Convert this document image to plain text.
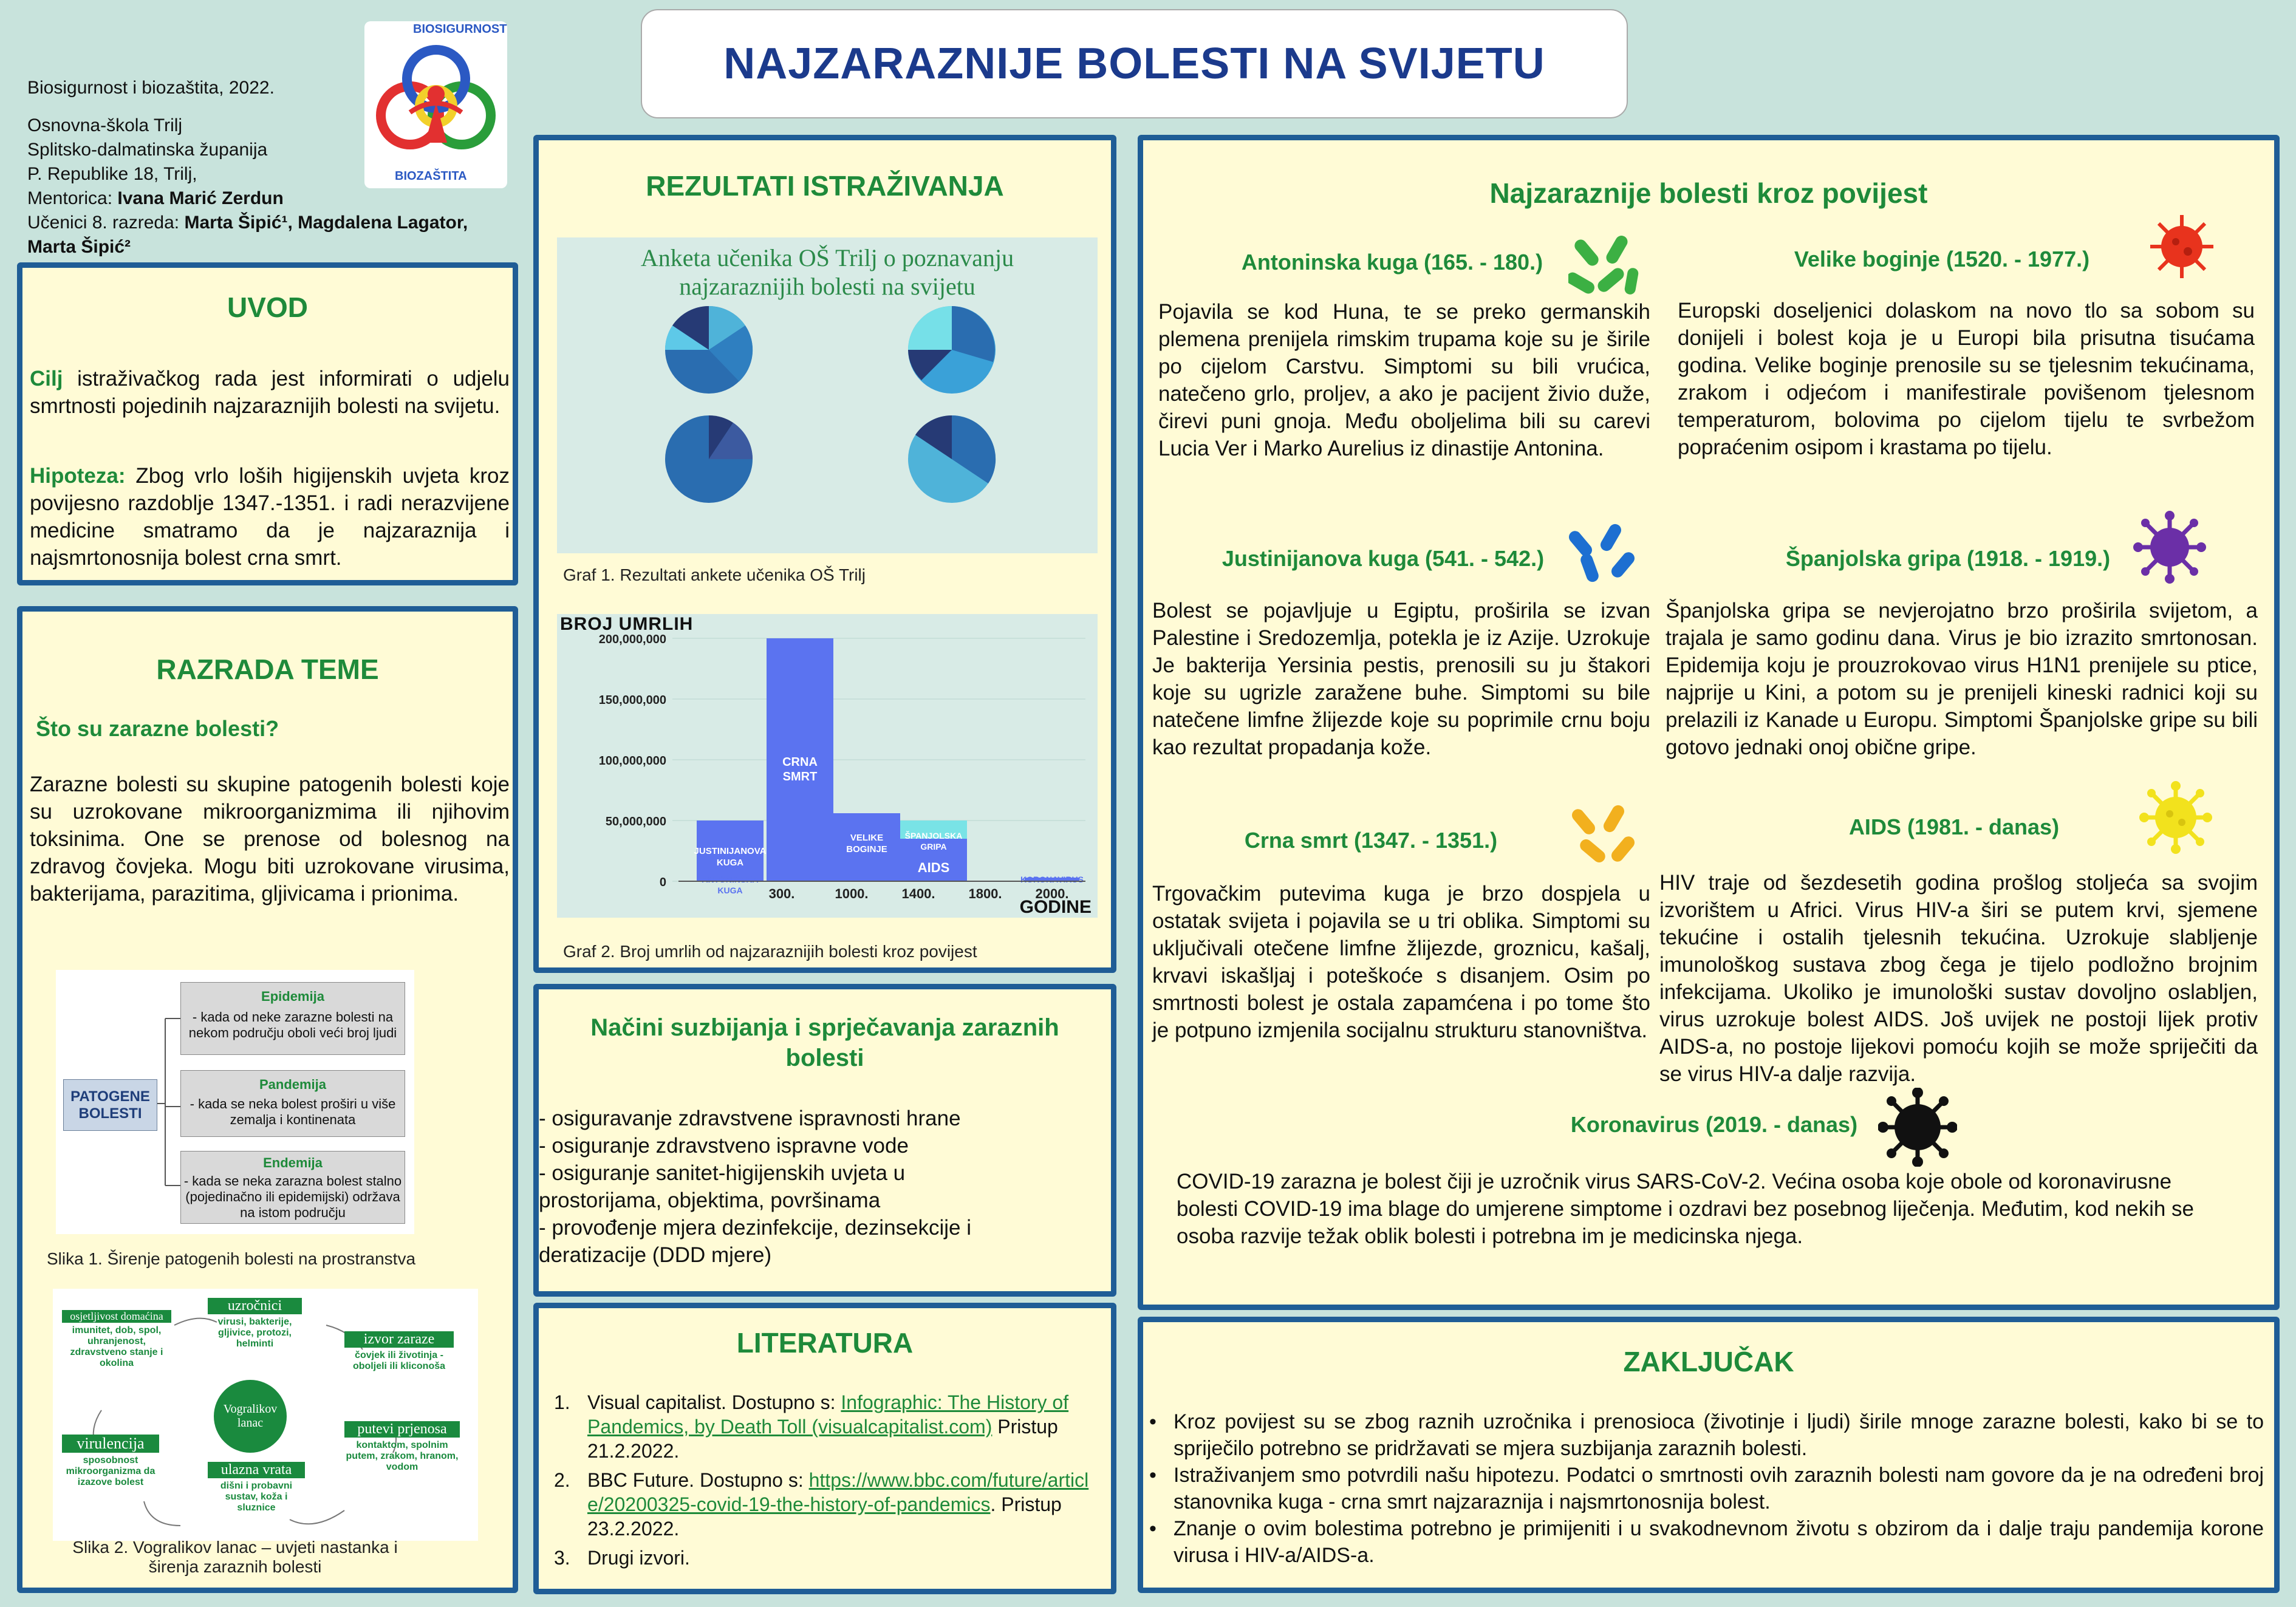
Biosigurnost i biozaštita, 2022.
Osnovna-škola Trilj
Splitsko-dalmatinska županija
P. Republike 18, Trilj,
Mentorica: Ivana Marić Zerdun
Učenici 8. razreda: Marta Šipić¹, Magdalena Lagator, Marta Šipić²
BIOSIGURNOST
BIOZAŠTITA
NAJZARAZNIJE BOLESTI NA SVIJETU
UVOD
Cilj istraživačkog rada jest informirati o udjelu smrtnosti pojedinih najzaraznijih bolesti na svijetu.
Hipoteza: Zbog vrlo loših higijenskih uvjeta kroz povijesno razdoblje 1347.-1351. i radi nerazvijene medicine smatramo da je najzaraznija i najsmrtonosnija bolest crna smrt.
RAZRADA TEME
Što su zarazne bolesti?
Zarazne bolesti su skupine patogenih bolesti koje su uzrokovane mikroorganizmima ili njihovim toksinima. One se prenose od bolesnog na zdravog čovjeka. Mogu biti uzrokovane virusima, bakterijama, parazitima, gljivicama i prionima.
PATOGENE BOLESTI
Epidemija
- kada od neke zarazne bolesti na nekom području oboli veći broj ljudi
Pandemija
- kada se neka bolest proširi u više zemalja i kontinenata
Endemija
- kada se neka zarazna bolest stalno (pojedinačno ili epidemijski) održava na istom području
Slika 1. Širenje patogenih bolesti na prostranstva
Vogralikov lanac
uzročnici
virusi, bakterije, gljivice, protozi, helminti	izvor zaraze
čovjek ili životinja - oboljeli ili kliconoša
putevi prjenosa
kontaktom, spolnim putem, zrakom, hranom, vodom
ulazna vrata
dišni i probavni sustav, koža i sluznice
virulencija
sposobnost mikroorganizma da izazove bolest
osjetljivost domaćina
imunitet, dob, spol, uhranjenost, zdravstveno stanje i okolina
Slika 2. Vogralikov lanac – uvjeti nastanka i
širenja zaraznih bolesti
REZULTATI ISTRAŽIVANJA
Anketa učenika OŠ Trilj o poznavanju
najzaraznijih bolesti na svijetu
Graf 1. Rezultati ankete učenika OŠ Trilj
BROJ UMRLIH
GODINE
0
50,000,000
100,000,000
150,000,000
200,000,000
ANTONINSKA
KUGA
JUSTINIJANOVA
KUGA
CRNA
SMRT
VELIKE
BOGINJE
ŠPANJOLSKA
GRIPA
AIDS
KORONAVIRUS
300.	1000. 1400. 1800. 2000.
Graf 2. Broj umrlih od najzaraznijih bolesti kroz povijest
Načini suzbijanja i sprječavanja zaraznih bolesti
- osiguravanje zdravstvene ispravnosti hrane
- osiguranje zdravstveno ispravne vode
- osiguranje sanitet-higijenskih uvjeta u prostorijama, objektima, površinama
- provođenje mjera dezinfekcije, dezinsekcije i deratizacije (DDD mjere)
LITERATURA
1. Visual capitalist. Dostupno s: Infographic: The History of Pandemics, by Death Toll (visualcapitalist.com) Pristup 21.2.2022.
2. BBC Future. Dostupno s: https://www.bbc.com/future/article/20200325-covid-19-the-history-of-pandemics. Pristup 23.2.2022.
3. Drugi izvori.
Najzaraznije bolesti kroz povijest
Antoninska kuga (165. - 180.)
Pojavila se kod Huna, te se preko germanskih plemena prenijela rimskim trupama koje su je širile po cijelom Carstvu. Simptomi su bili vrućica, natečeno grlo, proljev, a ako je pacijent živio duže, čirevi puni gnoja. Među oboljelima bili su carevi Lucia Ver i Marko Aurelius iz dinastije Antonina.
Velike boginje (1520. - 1977.)
Europski doseljenici dolaskom na novo tlo sa sobom su donijeli i bolest koja je u Europi bila prisutna tisućama godina. Velike boginje prenosile su se tjelesnim tekućinama, zrakom i odjećom i manifestirale povišenom tjelesnom temperaturom, bolovima po cijelom tijelu te svrbežom popraćenim osipom i krastama po tijelu.
Justinijanova kuga (541. - 542.)
Bolest se pojavljuje u Egiptu, proširila se izvan Palestine i Sredozemlja, potekla je iz Azije. Uzrokuje Je bakterija Yersinia pestis, prenosili su ju štakori koje su ugrizle zaražene buhe. Simptomi su bile natečene limfne žlijezde koje su poprimile crnu boju kao rezultat propadanja kože.
Španjolska gripa (1918. - 1919.)
Španjolska gripa se nevjerojatno brzo proširila svijetom, a trajala je samo godinu dana. Virus je bio izrazito smrtonosan. Epidemija koju je prouzrokovao virus H1N1 prenijele su ptice, najprije u Kini, a potom su je prenijeli kineski radnici koji su prelazili iz Kanade u Europu. Simptomi Španjolske gripe su bili gotovo jednaki onoj obične gripe.
Crna smrt (1347. - 1351.)
Trgovačkim putevima kuga je brzo dospjela u ostatak svijeta i pojavila se u tri oblika. Simptomi su uključivali otečene limfne žlijezde, groznicu, kašalj, krvavi iskašljaj i poteškoće s disanjem. Osim po smrtnosti bolest je ostala zapamćena i po tome što je potpuno izmjenila socijalnu strukturu stanovništva.
AIDS (1981. - danas)
HIV traje od šezdesetih godina prošlog stoljeća sa svojim izvorištem u Africi. Virus HIV-a širi se putem krvi, sjemene tekućine i ostalih tjelesnih tekućina. Uzrokuje slabljenje imunološkog sustava zbog čega je tijelo podložno brojnim infekcijama. Ukoliko je imunološki sustav dovoljno oslabljen, virus uzrokuje bolest AIDS. Još uvijek ne postoji lijek protiv AIDS-a, no postoje lijekovi pomoću kojih se može spriječiti da se virus HIV-a dalje razvija.
Koronavirus (2019. - danas)
COVID-19 zarazna je bolest čiji je uzročnik virus SARS-CoV-2. Većina osoba koje obole od koronavirusne bolesti COVID-19 ima blage do umjerene simptome i ozdravi bez posebnog liječenja. Međutim, kod nekih se osoba razvije težak oblik bolesti i potrebna im je medicinska njega.
ZAKLJUČAK
• Kroz povijest su se zbog raznih uzročnika i prenosioca (životinje i ljudi) širile mnoge zarazne bolesti, kako bi se to spriječilo potrebno se pridržavati se mjera suzbijanja zaraznih bolesti.
• Istraživanjem smo potvrdili našu hipotezu. Podatci o smrtnosti ovih zaraznih bolesti nam govore da je na određeni broj stanovnika kuga - crna smrt najzaraznija i najsmrtonosnija bolest.
• Znanje o ovim bolestima potrebno je primijeniti i u svakodnevnom životu s obzirom da i dalje traju pandemija korone virusa i HIV-a/AIDS-a.
